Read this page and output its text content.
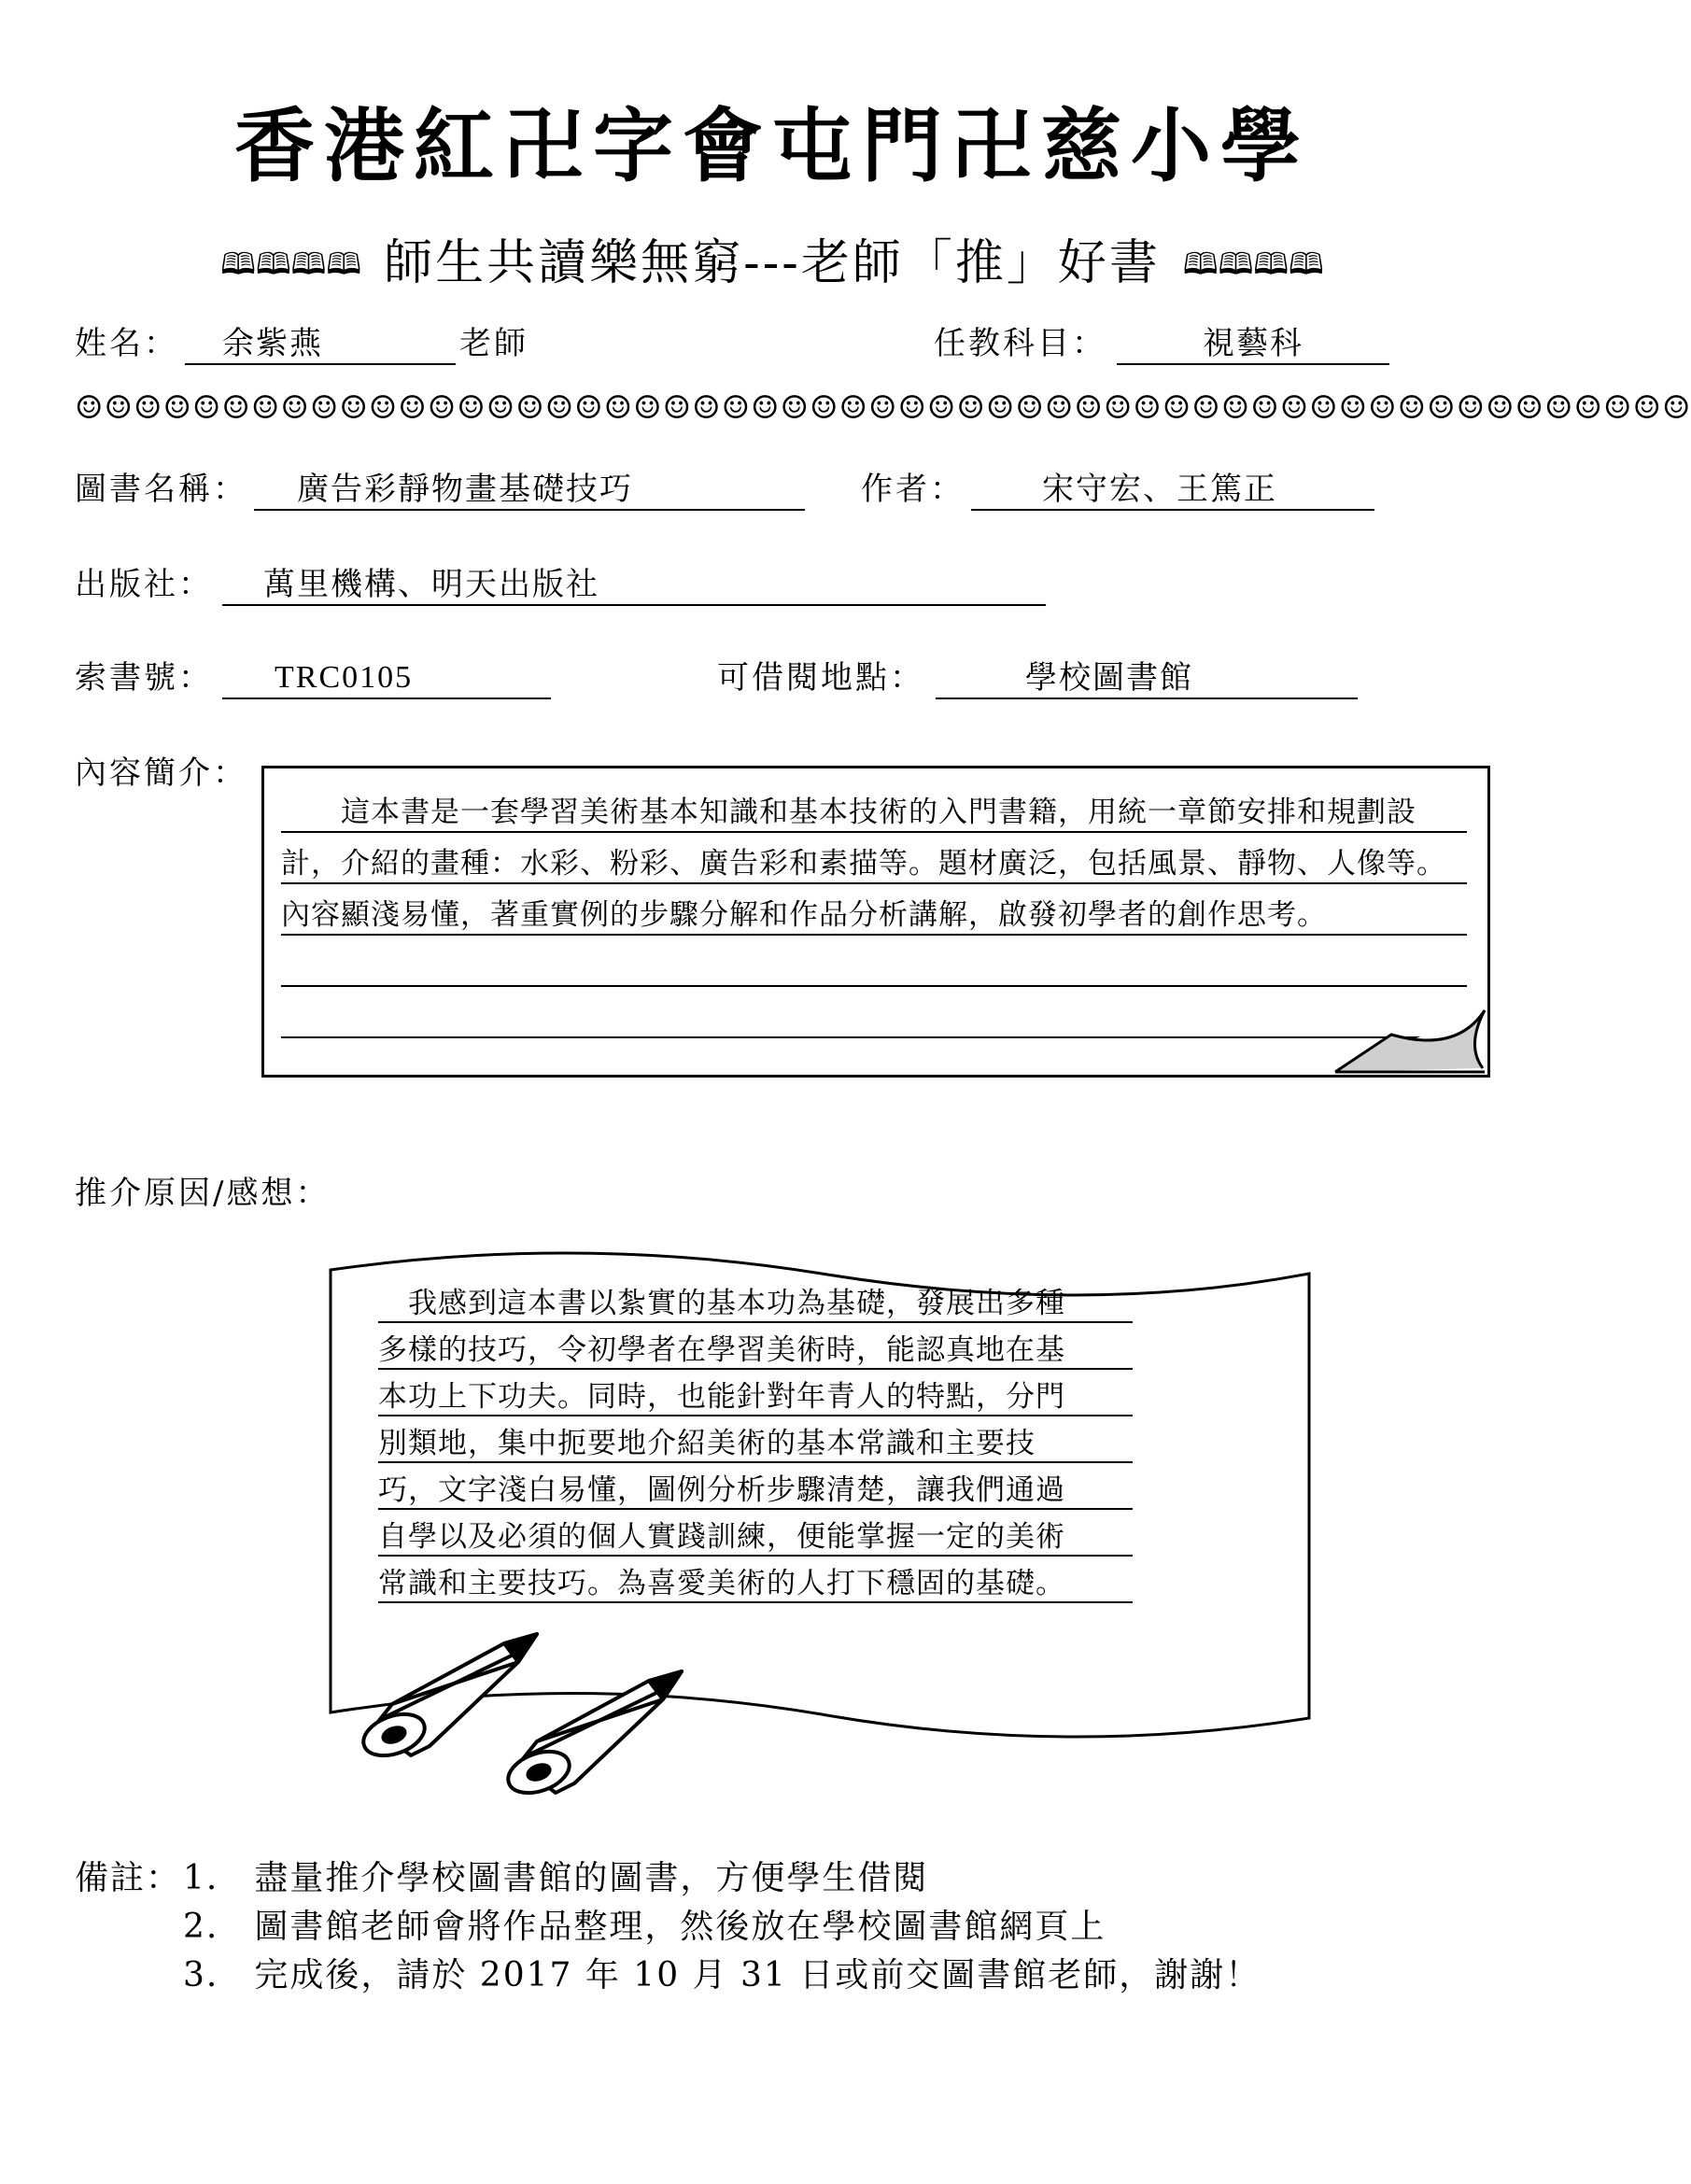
香港紅卍字會屯門卍慈小學
🕮🕮🕮🕮 師生共讀樂無窮---老師「推」好書 🕮🕮🕮🕮
姓名：	余紫燕	老師	任教科目：	視藝科
☺☺☺☺☺☺☺☺☺☺☺☺☺☺☺☺☺☺☺☺☺☺☺☺☺☺☺☺☺☺☺☺☺☺☺☺☺☺☺☺☺☺☺☺☺☺☺☺☺☺☺☺☺☺☺
圖書名稱：	廣告彩靜物畫基礎技巧	作者：	宋守宏、王篤正
出版社：	萬里機構、明天出版社
索書號：	TRC0105	可借閱地點：	學校圖書館
內容簡介：
　　這本書是一套學習美術基本知識和基本技術的入門書籍，用統一章節安排和規劃設
計，介紹的畫種：水彩、粉彩、廣告彩和素描等。題材廣泛，包括風景、靜物、人像等。
內容顯淺易懂，著重實例的步驟分解和作品分析講解，啟發初學者的創作思考。
推介原因/感想：
　我感到這本書以紮實的基本功為基礎，發展出多種
多樣的技巧，令初學者在學習美術時，能認真地在基
本功上下功夫。同時，也能針對年青人的特點，分門
別類地，集中扼要地介紹美術的基本常識和主要技
巧，文字淺白易懂，圖例分析步驟清楚，讓我們通過
自學以及必須的個人實踐訓練，便能掌握一定的美術
常識和主要技巧。為喜愛美術的人打下穩固的基礎。
備註： 1.　盡量推介學校圖書館的圖書，方便學生借閱
2.　圖書館老師會將作品整理，然後放在學校圖書館網頁上
3.　完成後，請於 2017 年 10 月 31 日或前交圖書館老師，謝謝！
